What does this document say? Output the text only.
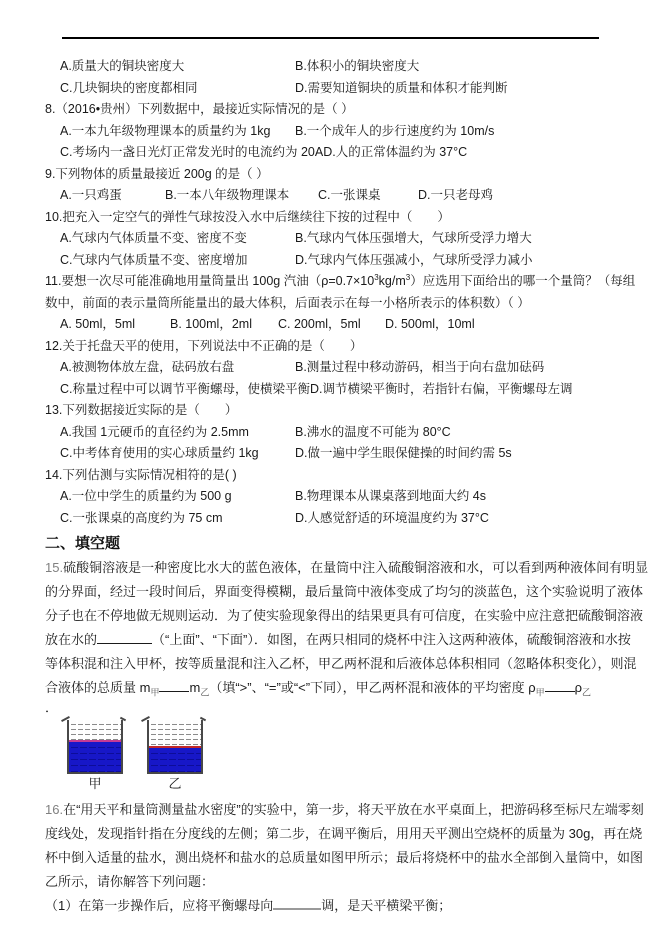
A.质量大的铜块密度大	B.体积小的铜块密度大
C.几块铜块的密度都相同	D.需要知道铜块的质量和体积才能判断
8.（2016•贵州）下列数据中，最接近实际情况的是（ ）
A.一本九年级物理课本的质量约为 1kg B.一个成年人的步行速度约为 10m/s
C.考场内一盏日光灯正常发光时的电流约为 20AD.人的正常体温约为 37°C
9.下列物体的质量最接近 200g 的是（ ）
A.一只鸡蛋	B.一本八年级物理课本 C.一张课桌	D.一只老母鸡
10.把充入一定空气的弹性气球按没入水中后继续往下按的过程中（　　）
A.气球内气体质量不变、密度不变	B.气球内气体压强增大，气球所受浮力增大
C.气球内气体质量不变、密度增加	D.气球内气体压强减小，气球所受浮力减小
11.要想一次尽可能准确地用量筒量出 100g 汽油$(\rho=0.7\times 10^3kg/m^3)$应选用下面给出的哪一个量筒？（每组
数中，前面的表示量筒所能量出的最大体积，后面表示在每一小格所表示的体积数）（ ）
A. 50ml，5ml	B. 100ml，2ml C. 200ml，5ml D. 500ml，10ml
12.关于托盘天平的使用，下列说法中不正确的是（　　）
A.被测物体放左盘，砝码放右盘	B.测量过程中移动游码，相当于向右盘加砝码
C.称量过程中可以调节平衡螺母，使横梁平衡D.调节横梁平衡时，若指针右偏，平衡螺母左调
13.下列数据接近实际的是（　　）
A.我国 1元硬币的直径约为 2.5mm	B.沸水的温度不可能为 80°C
C.中考体育使用的实心球质量约 1kg	D.做一遍中学生眼保健操的时间约需 5s
14.下列估测与实际情况相符的是( )
A.一位中学生的质量约为 500 g	B.物理课本从课桌落到地面大约 4s
C.一张课桌的高度约为 75 cm	D.人感觉舒适的环境温度约为 37°C
二、填空题
15.硫酸铜溶液是一种密度比水大的蓝色液体，在量筒中注入硫酸铜溶液和水，可以看到两种液体间有明显
的分界面，经过一段时间后，界面变得模糊，最后量筒中液体变成了均匀的淡蓝色，这个实验说明了液体
分子也在不停地做无规则运动．为了使实验现象得出的结果更具有可信度，在实验中应注意把硫酸铜溶液
放在水的	（“上面”、“下面”）．如图，在两只相同的烧杯中注入这两种液体，硫酸铜溶液和水按
等体积混和注入甲杯，按等质量混和注入乙杯，甲乙两杯混和后液体总体积相同（忽略体积变化），则混
合液体的总质量 $m_甲$ $m_乙$（填“>”、“=”或“<”下同），甲乙两杯混和液体的平均密度 $\rho_甲$ $\rho_乙$
．
甲	乙
16.在“用天平和量筒测量盐水密度”的实验中，第一步，将天平放在水平桌面上，把游码移至标尺左端零刻
度线处，发现指针指在分度线的左侧；第二步，在调平衡后，用用天平测出空烧杯的质量为 30g，再在烧
杯中倒入适量的盐水，测出烧杯和盐水的总质量如图甲所示；最后将烧杯中的盐水全部倒入量筒中，如图
乙所示，请你解答下列问题：
（1）在第一步操作后，应将平衡螺母向	调，是天平横梁平衡；
